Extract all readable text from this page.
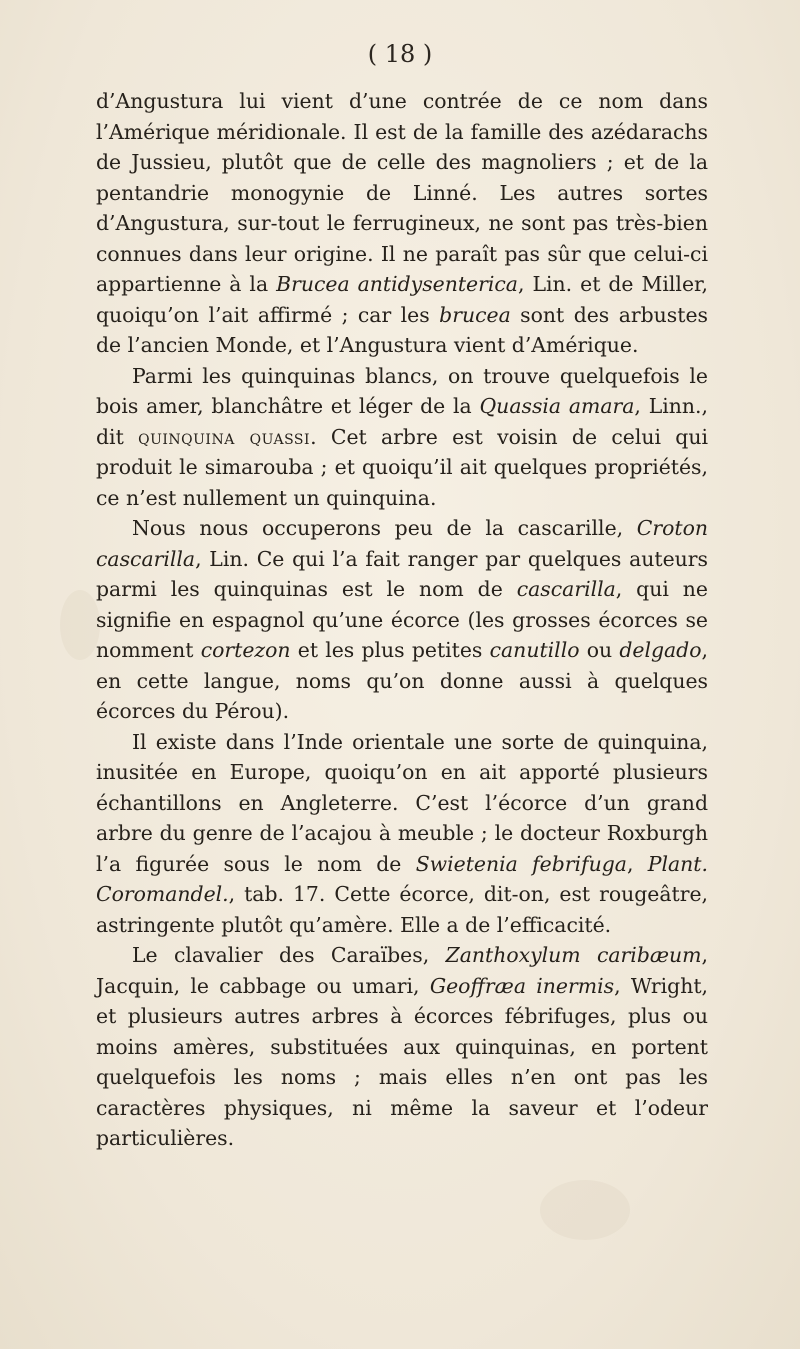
( 18 )

d’Angustura lui vient d’une contrée de ce nom dans l’Amérique méridionale. Il est de la famille des azédarachs de Jussieu, plutôt que de celle des magnoliers ; et de la pentandrie monogynie de Linné. Les autres sortes d’Angustura, sur-tout le ferrugineux, ne sont pas très-bien connues dans leur origine. Il ne paraît pas sûr que celui-ci appartienne à la Brucea antidysenterica, Lin. et de Miller, quoiqu’on l’ait affirmé ; car les brucea sont des arbustes de l’ancien Monde, et l’Angustura vient d’Amérique.

Parmi les quinquinas blancs, on trouve quelquefois le bois amer, blanchâtre et léger de la Quassia amara, Linn., dit quinquina quassi. Cet arbre est voisin de celui qui produit le simarouba ; et quoiqu’il ait quelques propriétés, ce n’est nullement un quinquina.

Nous nous occuperons peu de la cascarille, Croton cascarilla, Lin. Ce qui l’a fait ranger par quelques auteurs parmi les quinquinas est le nom de cascarilla, qui ne signifie en espagnol qu’une écorce (les grosses écorces se nomment cortezon et les plus petites canutillo ou delgado, en cette langue, noms qu’on donne aussi à quelques écorces du Pérou).

Il existe dans l’Inde orientale une sorte de quinquina, inusitée en Europe, quoiqu’on en ait apporté plusieurs échantillons en Angleterre. C’est l’écorce d’un grand arbre du genre de l’acajou à meuble ; le docteur Roxburgh l’a figurée sous le nom de Swietenia febrifuga, Plant. Coromandel., tab. 17. Cette écorce, dit-on, est rougeâtre, astringente plutôt qu’amère. Elle a de l’efficacité.

Le clavalier des Caraïbes, Zanthoxylum caribæum, Jacquin, le cabbage ou umari, Geoffræa inermis, Wright, et plusieurs autres arbres à écorces fébrifuges, plus ou moins amères, substituées aux quinquinas, en portent quelquefois les noms ; mais elles n’en ont pas les caractères physiques, ni même la saveur et l’odeur particulières.
